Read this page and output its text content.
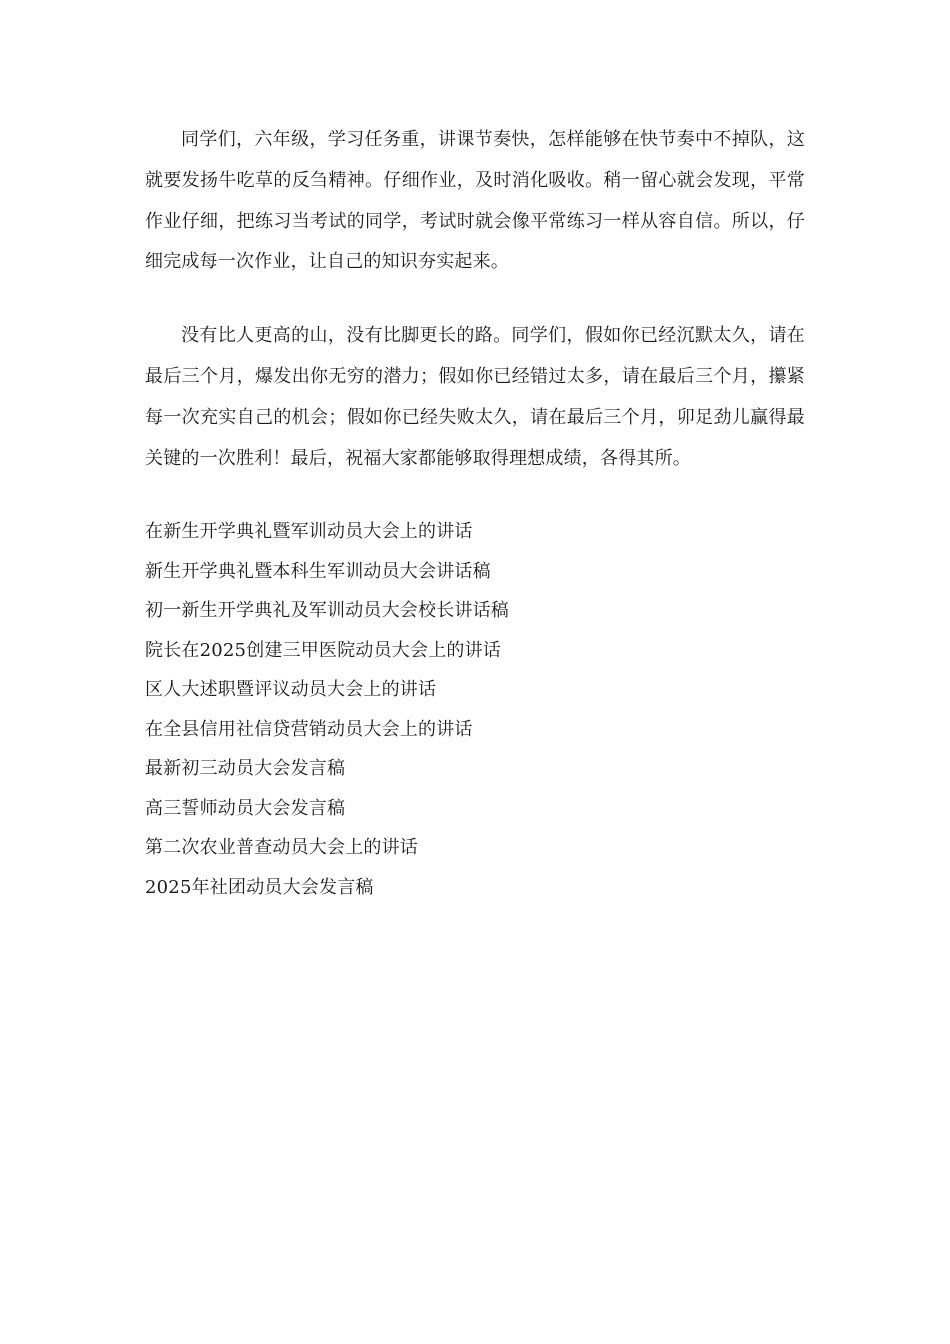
同学们，六年级，学习任务重，讲课节奏快，怎样能够在快节奏中不掉队，这就要发扬牛吃草的反刍精神。仔细作业，及时消化吸收。稍一留心就会发现，平常作业仔细，把练习当考试的同学，考试时就会像平常练习一样从容自信。所以，仔细完成每一次作业，让自己的知识夯实起来。

没有比人更高的山，没有比脚更长的路。同学们，假如你已经沉默太久，请在最后三个月，爆发出你无穷的潜力；假如你已经错过太多，请在最后三个月，攥紧每一次充实自己的机会；假如你已经失败太久，请在最后三个月，卯足劲儿赢得最关键的一次胜利！最后，祝福大家都能够取得理想成绩，各得其所。

在新生开学典礼暨军训动员大会上的讲话
新生开学典礼暨本科生军训动员大会讲话稿
初一新生开学典礼及军训动员大会校长讲话稿
院长在2025创建三甲医院动员大会上的讲话
区人大述职暨评议动员大会上的讲话
在全县信用社信贷营销动员大会上的讲话
最新初三动员大会发言稿
高三誓师动员大会发言稿
第二次农业普查动员大会上的讲话
2025年社团动员大会发言稿
